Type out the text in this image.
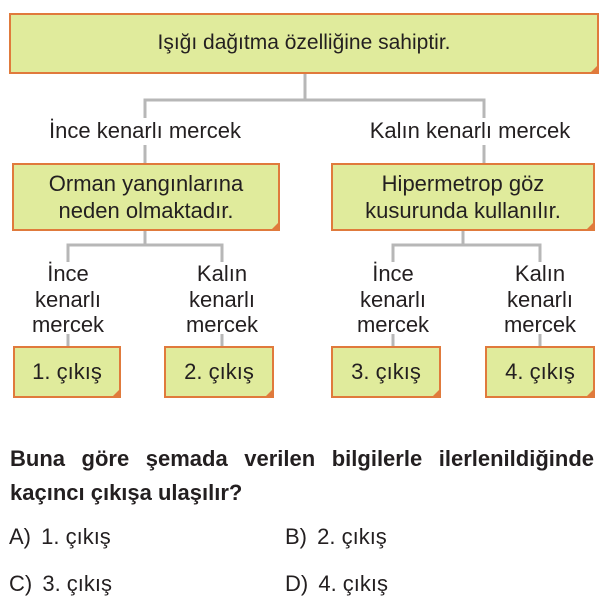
Işığı dağıtma özelliğine sahiptir.
İnce kenarlı mercek	Kalın kenarlı mercek
Orman yangınlarına
neden olmaktadır.
Hipermetrop göz
kusurunda kullanılır.
İnce
kenarlı
mercek
Kalın
kenarlı
mercek
İnce
kenarlı
mercek
Kalın
kenarlı
mercek
1. çıkış	2. çıkış	3. çıkış	4. çıkış
Buna göre şemada verilen bilgilerle ilerlenildiğinde kaçıncı çıkışa ulaşılır?
A) 1. çıkış	B) 2. çıkış
C) 3. çıkış	D) 4. çıkış
